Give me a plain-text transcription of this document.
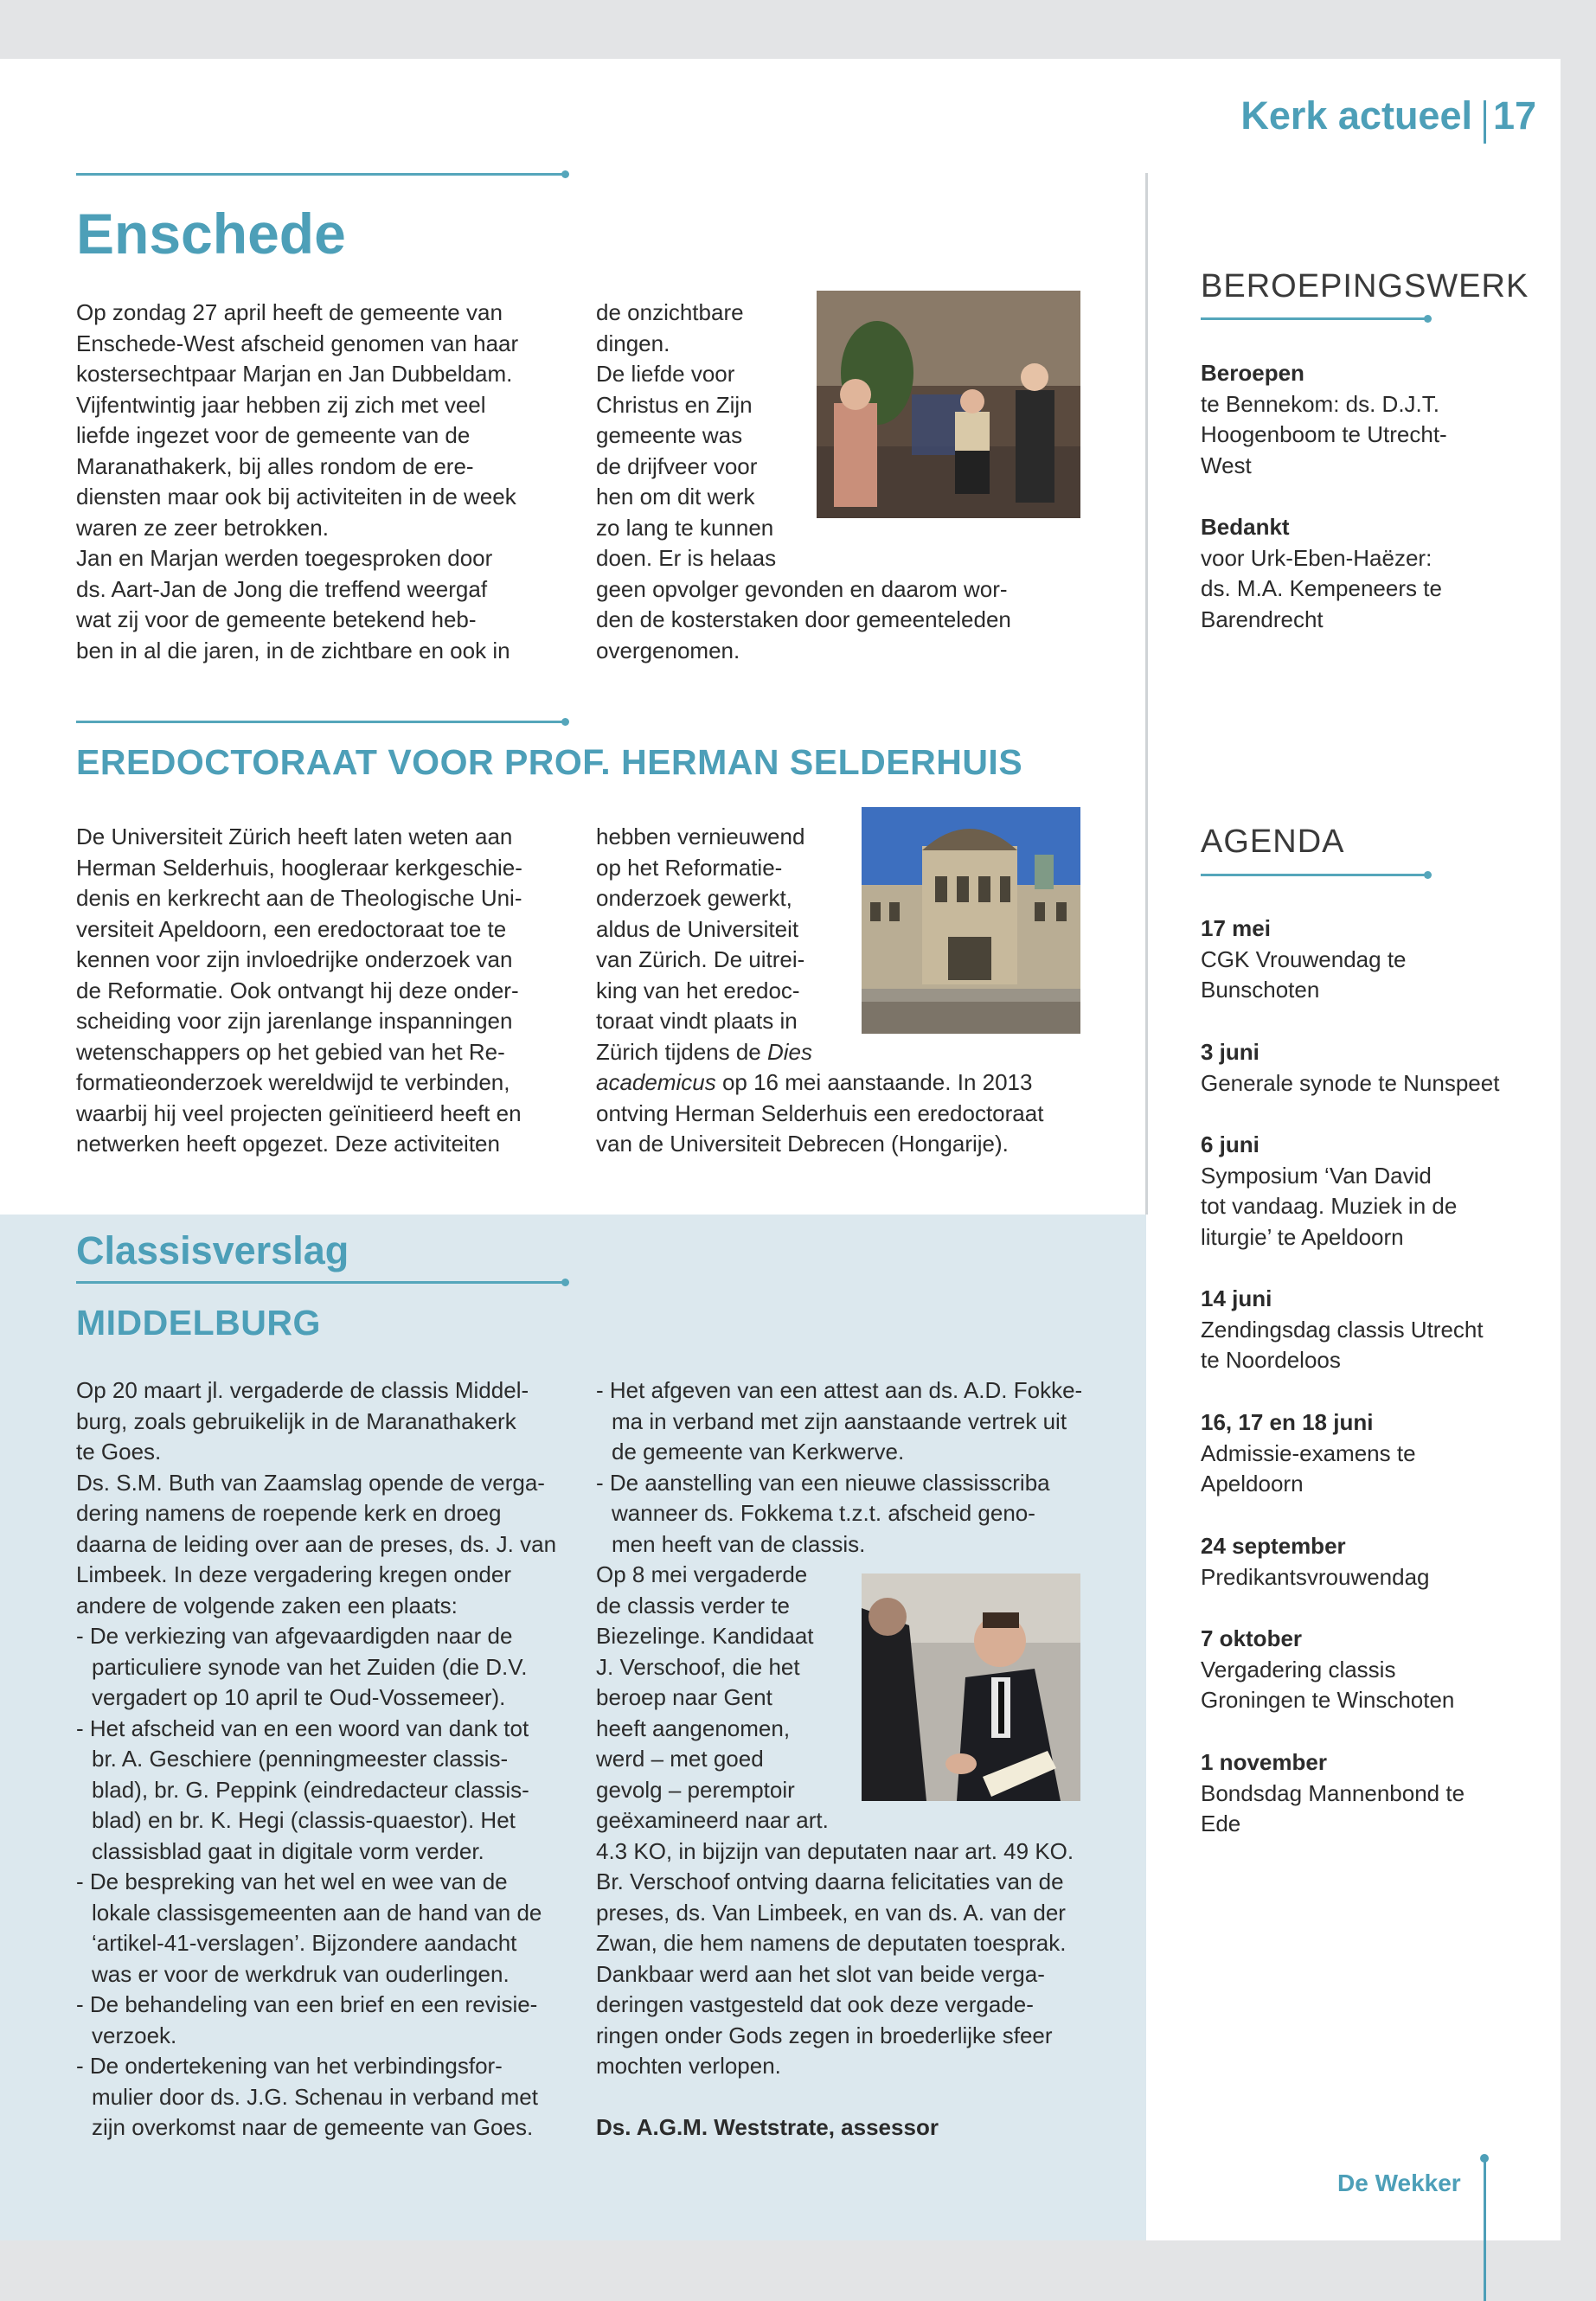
Kerk actueel 17
Enschede

Op zondag 27 april heeft de gemeente van

Enschede-West afscheid genomen van haar

kostersechtpaar Marjan en Jan Dubbeldam.

Vijfentwintig jaar hebben zij zich met veel

liefde ingezet voor de gemeente van de

Maranathakerk, bij alles rondom de ere-

diensten maar ook bij activiteiten in de week

waren ze zeer betrokken.

Jan en Marjan werden toegesproken door

ds. Aart-Jan de Jong die treffend weergaf

wat zij voor de gemeente betekend heb-

ben in al die jaren, in de zichtbare en ook in

de onzichtbare

dingen.

De liefde voor

Christus en Zijn

gemeente was

de drijfveer voor

hen om dit werk

zo lang te kunnen

doen. Er is helaas

geen opvolger gevonden en daarom wor-

den de kosterstaken door gemeenteleden

overgenomen.

EREDOCTORAAT VOOR PROF. HERMAN SELDERHUIS

De Universiteit Zürich heeft laten weten aan

Herman Selderhuis, hoogleraar kerkgeschie-

denis en kerkrecht aan de Theologische Uni-

versiteit Apeldoorn, een eredoctoraat toe te

kennen voor zijn invloedrijke onderzoek van

de Reformatie. Ook ontvangt hij deze onder-

scheiding voor zijn jarenlange inspanningen

wetenschappers op het gebied van het Re-

formatieonderzoek wereldwijd te verbinden,

waarbij hij veel projecten geïnitieerd heeft en

netwerken heeft opgezet. Deze activiteiten

hebben vernieuwend

op het Reformatie-

onderzoek gewerkt,

aldus de Universiteit

van Zürich. De uitrei-

king van het eredoc-

toraat vindt plaats in

Zürich tijdens de Dies

academicus op 16 mei aanstaande. In 2013

ontving Herman Selderhuis een eredoctoraat

van de Universiteit Debrecen (Hongarije).

Classisverslag
MIDDELBURG

Op 20 maart jl. vergaderde de classis Middel-

burg, zoals gebruikelijk in de Maranathakerk

te Goes.

Ds. S.M. Buth van Zaamslag opende de verga-

dering namens de roepende kerk en droeg

daarna de leiding over aan de preses, ds. J. van

Limbeek. In deze vergadering kregen onder

andere de volgende zaken een plaats:

- De verkiezing van afgevaardigden naar de

particuliere synode van het Zuiden (die D.V.

vergadert op 10 april te Oud-Vossemeer).

- Het afscheid van en een woord van dank tot

br. A. Geschiere (penningmeester classis-

blad), br. G. Peppink (eindredacteur classis-

blad) en br. K. Hegi (classis-quaestor). Het

classisblad gaat in digitale vorm verder.

- De bespreking van het wel en wee van de

lokale classisgemeenten aan de hand van de

‘artikel-41-verslagen’. Bijzondere aandacht

was er voor de werkdruk van ouderlingen.

- De behandeling van een brief en een revisie-

verzoek.

- De ondertekening van het verbindingsfor-

mulier door ds. J.G. Schenau in verband met

zijn overkomst naar de gemeente van Goes.

- Het afgeven van een attest aan ds. A.D. Fokke-

ma in verband met zijn aanstaande vertrek uit

de gemeente van Kerkwerve.

- De aanstelling van een nieuwe classisscriba

wanneer ds. Fokkema t.z.t. afscheid geno-

men heeft van de classis.

Op 8 mei vergaderde

de classis verder te

Biezelinge. Kandidaat

J. Verschoof, die het

beroep naar Gent

heeft aangenomen,

werd – met goed

gevolg – peremptoir

geëxamineerd naar art.

4.3 KO, in bijzijn van deputaten naar art. 49 KO.

Br. Verschoof ontving daarna felicitaties van de

preses, ds. Van Limbeek, en van ds. A. van der

Zwan, die hem namens de deputaten toesprak.

Dankbaar werd aan het slot van beide verga-

deringen vastgesteld dat ook deze vergade-

ringen onder Gods zegen in broederlijke sfeer

mochten verlopen.

Ds. A.G.M. Weststrate, assessor

BEROEPINGSWERK
Beroepen
te Bennekom: ds. D.J.T.
Hoogenboom te Utrecht-
West
Bedankt
voor Urk-Eben-Haëzer:
ds. M.A. Kempeneers te
Barendrecht
AGENDA
17 mei
CGK Vrouwendag te
Bunschoten
3 juni
Generale synode te Nunspeet
6 juni
Symposium ‘Van David
tot vandaag. Muziek in de
liturgie’ te Apeldoorn
14 juni
Zendingsdag classis Utrecht
te Noordeloos
16, 17 en 18 juni
Admissie-examens te
Apeldoorn
24 september
Predikantsvrouwendag
7 oktober
Vergadering classis
Groningen te Winschoten
1 november
Bondsdag Mannenbond te
Ede
De Wekker
